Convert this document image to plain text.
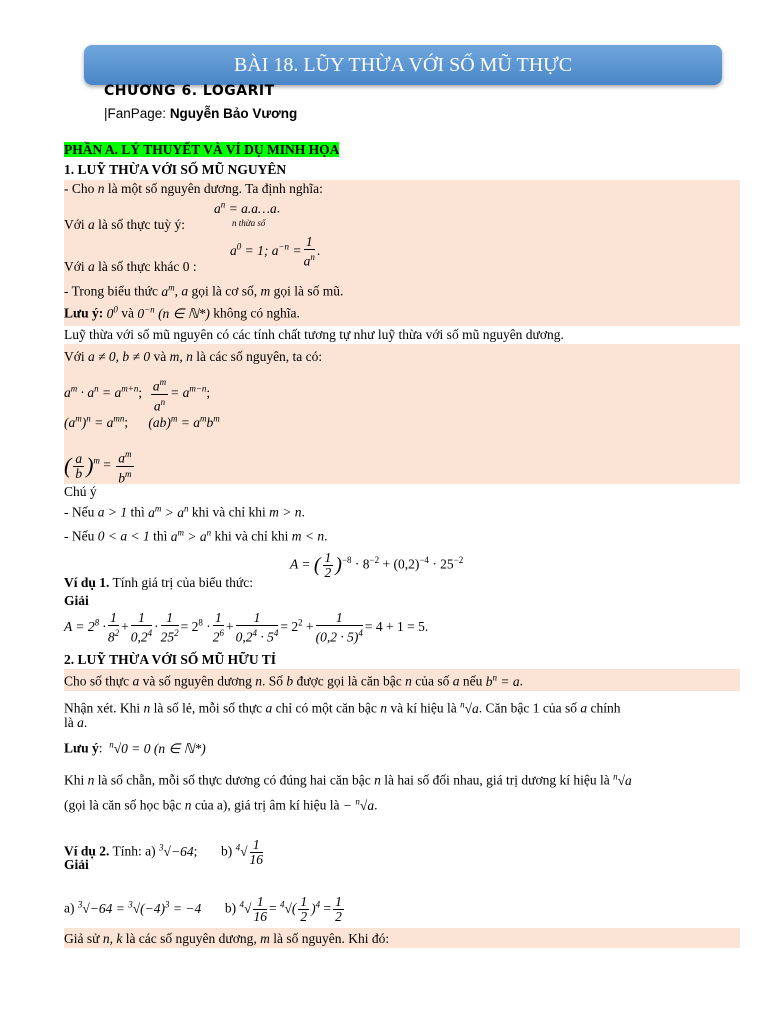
BÀI 18. LŨY THỪA VỚI SỐ MŨ THỰC
CHƯƠNG 6. LOGARIT
|FanPage: Nguyễn Bảo Vương
PHẦN A. LÝ THUYẾT VÀ VÍ DỤ MINH HỌA
1. LUỸ THỪA VỚI SỐ MŨ NGUYÊN
- Cho n là một số nguyên dương. Ta định nghĩa:
$a^n$ = a.a…a.
Với a là số thực tuỳ ý:	n thừa số
$a^0 = 1$; $a^{-n} = \frac{1}{a^n}$ .
Với a là số thực khác 0 :
- Trong biểu thức $a^m$, a gọi là cơ số, m gọi là số mũ.
Lưu ý: $0^0$ và $0^{-n}$ (n ∈ ℕ*) không có nghĩa.
Luỹ thừa với số mũ nguyên có các tính chất tương tự như luỹ thừa với số mũ nguyên dương.
Với a ≠ 0, b ≠ 0 và m, n là các số nguyên, ta có:
$a^m \cdot a^n = a^{m+n}$; $\frac{a^m}{a^n} = a^{m-n}$;
$(a^m)^n = a^{mn}$;      $(ab)^m = a^mb^m$
( $\frac{a}{b} )^m = \frac{a^m}{b^m}$
Chú ý
- Nếu a > 1 thì $a^m > a^n$ khi và chỉ khi m > n.
- Nếu 0 < a < 1 thì $a^m > a^n$ khi và chỉ khi m < n.
A = ( $\frac{1}{2} )^{-8} \cdot 8^{-2} + (0,2)^{-4} \cdot 25^{-2}$
Ví dụ 1. Tính giá trị của biểu thức:
Giải
$A = 2^8 \cdot \frac{1}{8^2} + \frac{1}{0,2^4} \cdot \frac{1}{25^2} = 2^8 \cdot \frac{1}{2^6} + \frac{1}{0,2^4 \cdot 5^4} = 2^2 + \frac{1}{(0,2 \cdot 5)^4} = 4 + 1 = 5$.
2. LUỸ THỪA VỚI SỐ MŨ HỮU TỈ
Cho số thực a và số nguyên dương n. Số b được gọi là căn bậc n của số a nếu $b^n = a$.
Nhận xét. Khi n là số lẻ, mỗi số thực a chỉ có một căn bậc n và kí hiệu là $^n$√a. Căn bậc 1 của số a chính
là a.
Lưu ý:  $^n$√0 = 0 (n ∈ ℕ*)
Khi n là số chẵn, mỗi số thực dương có đúng hai căn bậc n là hai số đối nhau, giá trị dương kí hiệu là $^n$√a
(gọi là căn số học bậc n của a), giá trị âm kí hiệu là − $^n$√a.
Ví dụ 2. Tính: a) $^3$√−64;       b) $^4√ \frac{1}{16}$
Giải
a) $^3√-64 = ^3√(-4)^3 = -4$ b) $^4√ \frac{1}{16} = ^4√( \frac{1}{2} )^4 = \frac{1}{2}$
Giả sử n, k là các số nguyên dương, m là số nguyên. Khi đó:
